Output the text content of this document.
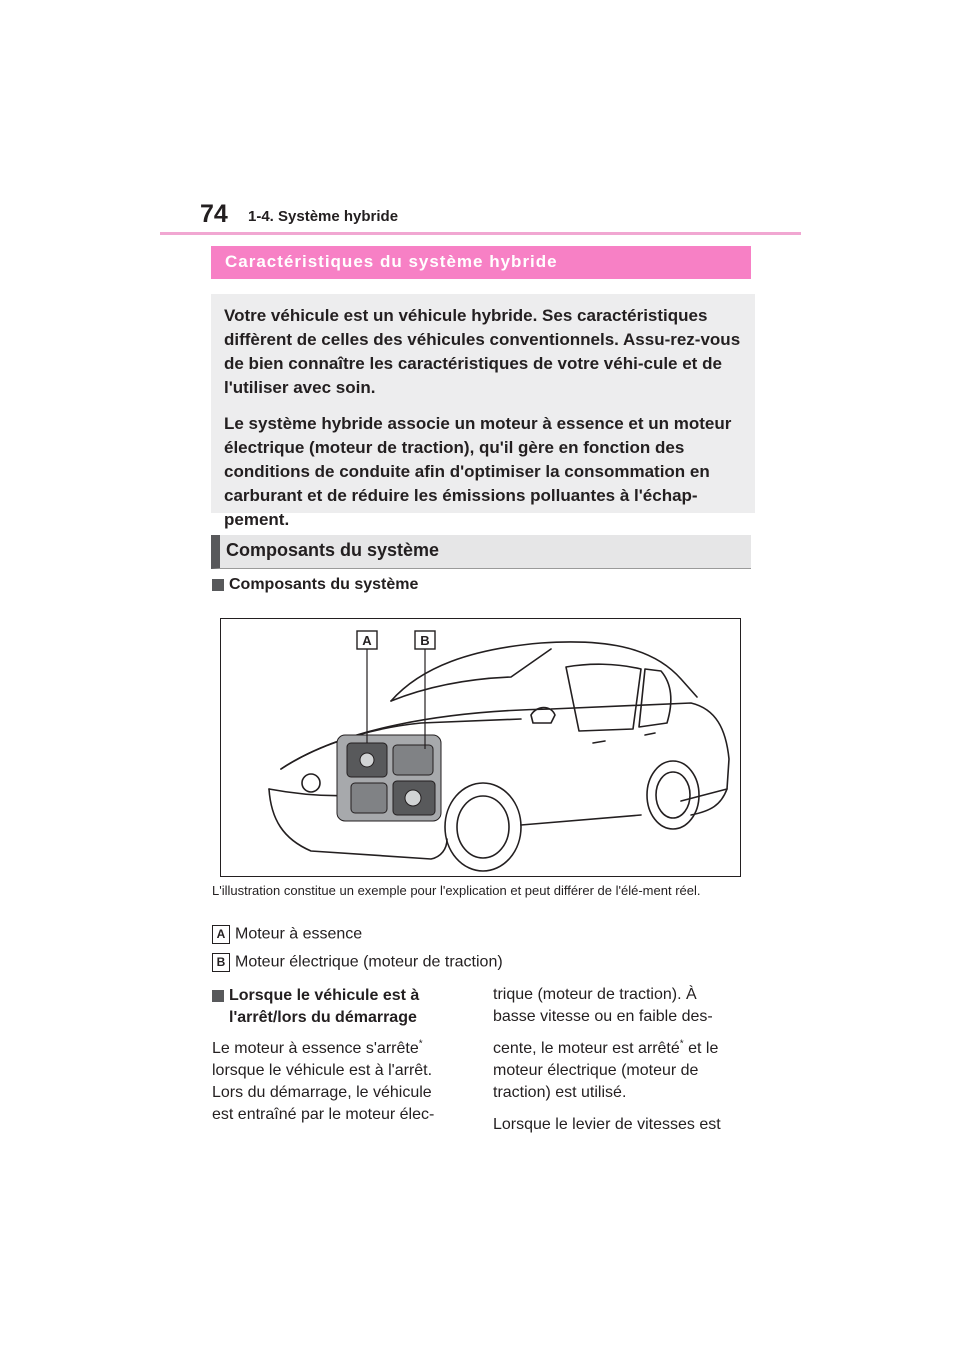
74 1-4. Système hybride
Caractéristiques du système hybride

Votre véhicule est un véhicule hybride. Ses caractéristiques diffèrent de celles des véhicules conventionnels. Assu-rez-vous de bien connaître les caractéristiques de votre véhi-cule et de l'utiliser avec soin.

Le système hybride associe un moteur à essence et un moteur électrique (moteur de traction), qu'il gère en fonction des conditions de conduite afin d'optimiser la consommation en carburant et de réduire les émissions polluantes à l'échap-pement.

Composants du système
Composants du système
A	B
L'illustration constitue un exemple pour l'explication et peut différer de l'élé-ment réel.
A Moteur à essence
B Moteur électrique (moteur de traction)
Lorsque le véhicule est à
l'arrêt/lors du démarrage
Le moteur à essence s'arrête*
lorsque le véhicule est à l'arrêt.
Lors du démarrage, le véhicule
est entraîné par le moteur élec-
trique (moteur de traction). À
basse vitesse ou en faible des-
cente, le moteur est arrêté* et le
moteur électrique (moteur de
traction) est utilisé.
Lorsque le levier de vitesses est
